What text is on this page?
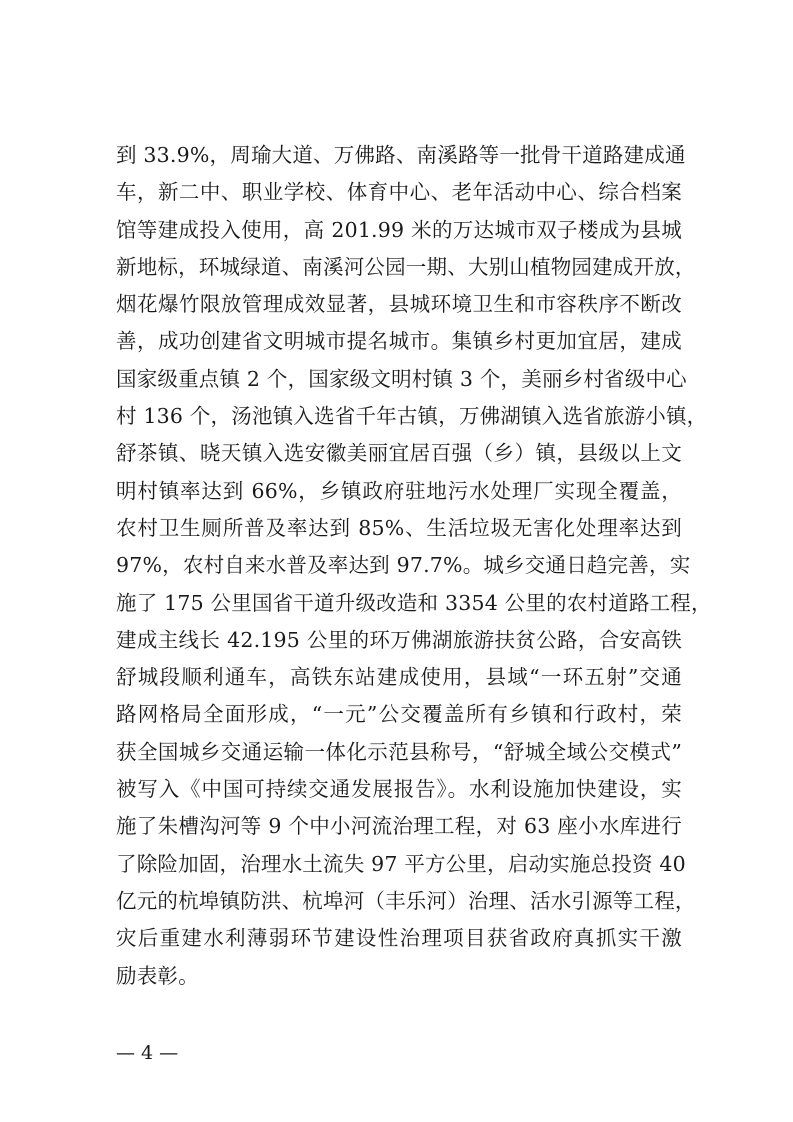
到 33.9%，周瑜大道、万佛路、南溪路等一批骨干道路建成通
车，新二中、职业学校、体育中心、老年活动中心、综合档案
馆等建成投入使用，高 201.99 米的万达城市双子楼成为县城
新地标，环城绿道、南溪河公园一期、大别山植物园建成开放，
烟花爆竹限放管理成效显著，县城环境卫生和市容秩序不断改
善，成功创建省文明城市提名城市。集镇乡村更加宜居，建成
国家级重点镇 2 个，国家级文明村镇 3 个，美丽乡村省级中心
村 136 个，汤池镇入选省千年古镇，万佛湖镇入选省旅游小镇，
舒茶镇、晓天镇入选安徽美丽宜居百强（乡）镇，县级以上文
明村镇率达到 66%，乡镇政府驻地污水处理厂实现全覆盖，
农村卫生厕所普及率达到 85%、生活垃圾无害化处理率达到
97%，农村自来水普及率达到 97.7%。城乡交通日趋完善，实
施了 175 公里国省干道升级改造和 3354 公里的农村道路工程，
建成主线长 42.195 公里的环万佛湖旅游扶贫公路，合安高铁
舒城段顺利通车，高铁东站建成使用，县域“一环五射”交通
路网格局全面形成，“一元”公交覆盖所有乡镇和行政村，荣
获全国城乡交通运输一体化示范县称号，“舒城全域公交模式”
被写入《中国可持续交通发展报告》。水利设施加快建设，实
施了朱槽沟河等 9 个中小河流治理工程，对 63 座小水库进行
了除险加固，治理水土流失 97 平方公里，启动实施总投资 40
亿元的杭埠镇防洪、杭埠河（丰乐河）治理、活水引源等工程，
灾后重建水利薄弱环节建设性治理项目获省政府真抓实干激
励表彰。
— 4 —
